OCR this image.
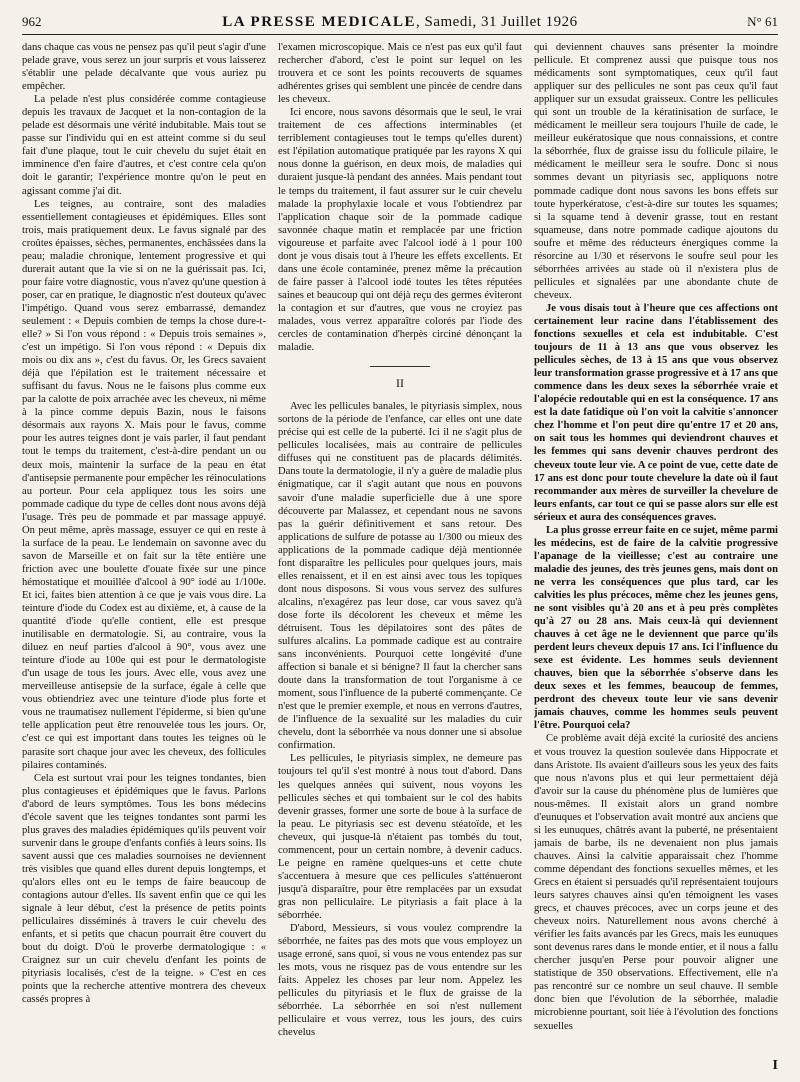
962	LA PRESSE MEDICALE, Samedi, 31 Juillet 1926	N° 61

dans chaque cas vous ne pensez pas qu'il peut s'agir d'une pelade grave, vous serez un jour surpris et vous laisserez s'établir une pelade décalvante que vous auriez pu empêcher.

La pelade n'est plus considérée comme contagieuse depuis les travaux de Jacquet et la non-contagion de la pelade est désormais une vérité indubitable. Mais tout se passe sur l'individu qui en est atteint comme si du seul fait d'une plaque, tout le cuir chevelu du sujet était en imminence d'en faire d'autres, et c'est contre cela qu'on doit le garantir; l'expérience montre qu'on le peut en agissant comme j'ai dit.

Les teignes, au contraire, sont des maladies essentiellement contagieuses et épidémiques. Elles sont trois, mais pratiquement deux. Le favus signalé par des croûtes épaisses, sèches, permanentes, enchâssées dans la peau; maladie chronique, lentement progressive et qui durerait autant que la vie si on ne la guérissait pas. Ici, pour faire votre diagnostic, vous n'avez qu'une question à poser, car en pratique, le diagnostic n'est douteux qu'avec l'impétigo. Quand vous serez embarrassé, demandez seulement : « Depuis combien de temps la chose dure-t-elle? » Si l'on vous répond : « Depuis trois semaines », c'est un impétigo. Si l'on vous répond : « Depuis dix mois ou dix ans », c'est du favus. Or, les Grecs savaient déjà que l'épilation est le traitement nécessaire et suffisant du favus. Nous ne le faisons plus comme eux par la calotte de poix arrachée avec les cheveux, ni même à la pince comme depuis Bazin, nous le faisons désormais aux rayons X. Mais pour le favus, comme pour les autres teignes dont je vais parler, il faut pendant tout le temps du traitement, c'est-à-dire pendant un ou deux mois, maintenir la surface de la peau en état d'antisepsie permanente pour empêcher les réinoculations au porteur. Pour cela appliquez tous les soirs une pommade cadique du type de celles dont nous avons déjà l'usage. Très peu de pommade et par massage appuyé. On peut même, après massage, essuyer ce qui en reste à la surface de la peau. Le lendemain on savonne avec du savon de Marseille et on fait sur la tête entière une friction avec une boulette d'ouate fixée sur une pince hémostatique et mouillée d'alcool à 90° iodé au 1/100e. Et ici, faites bien attention à ce que je vais vous dire. La teinture d'iode du Codex est au dixième, et, à cause de la quantité d'iode qu'elle contient, elle est presque inutilisable en dermatologie. Si, au contraire, vous la diluez en neuf parties d'alcool à 90°, vous avez une teinture d'iode au 100e qui est pour le dermatologiste d'un usage de tous les jours. Avec elle, vous avez une merveilleuse antisepsie de la surface, égale à celle que vous obtiendriez avec une teinture d'iode plus forte et vous ne traumatisez nullement l'épiderme, si bien qu'une telle application peut être renouvelée tous les jours. Or, c'est ce qui est important dans toutes les teignes où le parasite sort chaque jour avec les cheveux, des follicules pilaires contaminés.

Cela est surtout vrai pour les teignes tondantes, bien plus contagieuses et épidémiques que le favus. Parlons d'abord de leurs symptômes. Tous les bons médecins d'école savent que les teignes tondantes sont parmi les plus graves des maladies épidémiques qu'ils peuvent voir survenir dans le groupe d'enfants confiés à leurs soins. Ils savent aussi que ces maladies sournoises ne deviennent très visibles que quand elles durent depuis longtemps, et qu'alors elles ont eu le temps de faire beaucoup de contagions autour d'elles. Ils savent enfin que ce qui les signale à leur début, c'est la présence de petits points pelliculaires disséminés à travers le cuir chevelu des enfants, et si petits que chacun pourrait être couvert du bout du doigt. D'où le proverbe dermatologique : « Craignez sur un cuir chevelu d'enfant les points de pityriasis localisés, c'est de la teigne. » C'est en ces points que la recherche attentive montrera des cheveux cassés propres à

l'examen microscopique. Mais ce n'est pas eux qu'il faut rechercher d'abord, c'est le point sur lequel on les trouvera et ce sont les points recouverts de squames adhérentes grises qui semblent une pincée de cendre dans les cheveux.

Ici encore, nous savons désormais que le seul, le vrai traitement de ces affections interminables (et terriblement contagieuses tout le temps qu'elles durent) est l'épilation automatique pratiquée par les rayons X qui nous donne la guérison, en deux mois, de maladies qui duraient jusque-là pendant des années. Mais pendant tout le temps du traitement, il faut assurer sur le cuir chevelu malade la prophylaxie locale et vous l'obtiendrez par l'application chaque soir de la pommade cadique savonnée chaque matin et remplacée par une friction vigoureuse et parfaite avec l'alcool iodé à 1 pour 100 dont je vous disais tout à l'heure les effets excellents. Et dans une école contaminée, prenez même la précaution de faire passer à l'alcool iodé toutes les têtes réputées saines et beaucoup qui ont déjà reçu des germes éviteront la contagion et sur d'autres, que vous ne croyiez pas malades, vous verrez apparaître colorés par l'iode des cercles de contamination d'herpès circiné dénonçant la maladie.

II

Avec les pellicules banales, le pityriasis simplex, nous sortons de la période de l'enfance, car elles ont une date précise qui est celle de la puberté. Ici il ne s'agit plus de pellicules localisées, mais au contraire de pellicules diffuses qui ne constituent pas de placards délimités. Dans toute la dermatologie, il n'y a guère de maladie plus énigmatique, car il s'agit autant que nous en pouvons savoir d'une maladie superficielle due à une spore découverte par Malassez, et cependant nous ne savons pas la guérir définitivement et sans retour. Des applications de sulfure de potasse au 1/300 ou mieux des applications de la pommade cadique déjà mentionnée font disparaître les pellicules pour quelques jours, mais elles renaissent, et il en est ainsi avec tous les topiques dont nous disposons. Si vous vous servez des sulfures alcalins, n'exagérez pas leur dose, car vous savez qu'à dose forte ils décolorent les cheveux et même les détruisent. Tous les dépilatoires sont des pâtes de sulfures alcalins. La pommade cadique est au contraire sans inconvénients. Pourquoi cette longévité d'une affection si banale et si bénigne? Il faut la chercher sans doute dans la transformation de tout l'organisme à ce moment, sous l'influence de la puberté commençante. Ce n'est que le premier exemple, et nous en verrons d'autres, de l'influence de la sexualité sur les maladies du cuir chevelu, dont la séborrhée va nous donner une si absolue confirmation.

Les pellicules, le pityriasis simplex, ne demeure pas toujours tel qu'il s'est montré à nous tout d'abord. Dans les quelques années qui suivent, nous voyons les pellicules sèches et qui tombaient sur le col des habits devenir grasses, former une sorte de boue à la surface de la peau. Le pityriasis sec est devenu stéatoïde, et les cheveux, qui jusque-là n'étaient pas tombés du tout, commencent, pour un certain nombre, à devenir caducs. Le peigne en ramène quelques-uns et cette chute s'accentuera à mesure que ces pellicules s'atténueront jusqu'à disparaître, pour être remplacées par un exsudat gras non pelliculaire. Le pityriasis a fait place à la séborrhée.

D'abord, Messieurs, si vous voulez comprendre la séborrhée, ne faites pas des mots que vous employez un usage erroné, sans quoi, si vous ne vous entendez pas sur les mots, vous ne risquez pas de vous entendre sur les faits. Appelez les choses par leur nom. Appelez les pellicules du pityriasis et le flux de graisse de la séborrhée. La séborrhée en soi n'est nullement pelliculaire et vous verrez, tous les jours, des cuirs chevelus

qui deviennent chauves sans présenter la moindre pellicule. Et comprenez aussi que puisque tous nos médicaments sont symptomatiques, ceux qu'il faut appliquer sur des pellicules ne sont pas ceux qu'il faut appliquer sur un exsudat graisseux. Contre les pellicules qui sont un trouble de la kératinisation de surface, le médicament le meilleur sera toujours l'huile de cade, le meilleur eukératosique que nous connaissions, et contre la séborrhée, flux de graisse issu du follicule pilaire, le médicament le meilleur sera le soufre. Donc si nous sommes devant un pityriasis sec, appliquons notre pommade cadique dont nous savons les bons effets sur toute hyperkératose, c'est-à-dire sur toutes les squames; si la squame tend à devenir grasse, tout en restant squameuse, dans notre pommade cadique ajoutons du soufre et même des réducteurs énergiques comme la résorcine au 1/30 et réservons le soufre seul pour les séborrhées arrivées au stade où il n'existera plus de pellicules et signalées par une abondante chute de cheveux.

Je vous disais tout à l'heure que ces affections ont certainement leur racine dans l'établissement des fonctions sexuelles et cela est indubitable. C'est toujours de 11 à 13 ans que vous observez les pellicules sèches, de 13 à 15 ans que vous observez leur transformation grasse progressive et à 17 ans que commence dans les deux sexes la séborrhée vraie et l'alopécie redoutable qui en est la conséquence. 17 ans est la date fatidique où l'on voit la calvitie s'annoncer chez l'homme et l'on peut dire qu'entre 17 et 20 ans, on sait tous les hommes qui deviendront chauves et les femmes qui sans devenir chauves perdront des cheveux toute leur vie. A ce point de vue, cette date de 17 ans est donc pour toute chevelure la date où il faut recommander aux mères de surveiller la chevelure de leurs enfants, car tout ce qui se passe alors sur elle est sérieux et aura des conséquences graves.

La plus grosse erreur faite en ce sujet, même parmi les médecins, est de faire de la calvitie progressive l'apanage de la vieillesse; c'est au contraire une maladie des jeunes, des très jeunes gens, mais dont on ne verra les conséquences que plus tard, car les calvities les plus précoces, même chez les jeunes gens, ne sont visibles qu'à 20 ans et à peu près complètes qu'à 27 ou 28 ans. Mais ceux-là qui deviennent chauves à cet âge ne le deviennent que parce qu'ils perdent leurs cheveux depuis 17 ans. Ici l'influence du sexe est évidente. Les hommes seuls deviennent chauves, bien que la séborrhée s'observe dans les deux sexes et les femmes, beaucoup de femmes, perdront des cheveux toute leur vie sans devenir jamais chauves, comme les hommes seuls peuvent l'être. Pourquoi cela?

Ce problème avait déjà excité la curiosité des anciens et vous trouvez la question soulevée dans Hippocrate et dans Aristote. Ils avaient d'ailleurs sous les yeux des faits que nous n'avons plus et qui leur permettaient déjà d'avoir sur la cause du phénomène plus de lumières que nous-mêmes. Il existait alors un grand nombre d'eunuques et l'observation avait montré aux anciens que si les eunuques, châtrés avant la puberté, ne présentaient jamais de barbe, ils ne devenaient non plus jamais chauves. Ainsi la calvitie apparaissait chez l'homme comme dépendant des fonctions sexuelles mêmes, et les Grecs en étaient si persuadés qu'il représentaient toujours leurs satyres chauves ainsi qu'en témoignent les vases grecs, et chauves précoces, avec un corps jeune et des cheveux noirs. Naturellement nous avons cherché à vérifier les faits avancés par les Grecs, mais les eunuques sont devenus rares dans le monde entier, et il nous a fallu chercher jusqu'en Perse pour pouvoir aligner une statistique de 350 observations. Effectivement, elle n'a pas rencontré sur ce nombre un seul chauve. Il semble donc bien que l'évolution de la séborrhée, maladie microbienne pourtant, soit liée à l'évolution des fonctions sexuelles

I
